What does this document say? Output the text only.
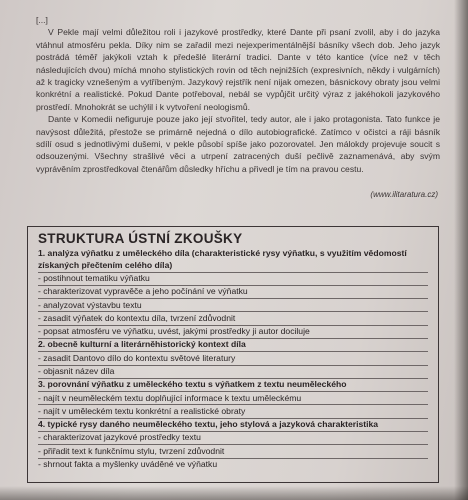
[...]

V Pekle mají velmi důležitou roli i jazykové prostředky, které Dante při psaní zvolil, aby i do jazyka vtáhnul atmosféru pekla. Díky nim se zařadil mezi nejexperimentálnější básníky všech dob. Jeho jazyk postrádá téměř jakýkoli vztah k předešlé literární tradici. Dante v této kantice (více než v těch následujících dvou) míchá mnoho stylistických rovin od těch nejnižších (expresivních, někdy i vulgárních) až k tragicky vznešeným a vytříbeným. Jazykový rejstřík není nijak omezen, básnickovy obraty jsou velmi konkrétní a realistické. Pokud Dante potřeboval, nebál se vypůjčit určitý výraz z jakéhokoli jazykového prostředí. Mnohokrát se uchýlil i k vytvoření neologismů.

Dante v Komedii nefiguruje pouze jako její stvořitel, tedy autor, ale i jako protagonista. Tato funkce je navýsost důležitá, přestože se primárně nejedná o dílo autobiografické. Zatímco v očistci a ráji básník sdílí osud s jednotlivými dušemi, v pekle působí spíše jako pozorovatel. Jen málokdy projevuje soucit s odsouzenými. Všechny strašlivé věci a utrpení zatracených duší pečlivě zaznamenává, aby svým vyprávěním zprostředkoval čtenářům důsledky hříchu a přivedl je tím na pravou cestu.

(www.ilitaratura.cz)
STRUKTURA ÚSTNÍ ZKOUŠKY
1. analýza výňatku z uměleckého díla (charakteristické rysy výňatku, s využitím vědomostí získaných přečtením celého díla)
- postihnout tematiku výňatku
- charakterizovat vypravěče a jeho počínání ve výňatku
- analyzovat výstavbu textu
- zasadit výňatek do kontextu díla, tvrzení zdůvodnit
- popsat atmosféru ve výňatku, uvést, jakými prostředky ji autor dociluje
2. obecně kulturní a literárněhistorický kontext díla
- zasadit Dantovo dílo do kontextu světové literatury
- objasnit název díla
3. porovnání výňatku z uměleckého textu s výňatkem z textu neuměleckého
- najít v neuměleckém textu doplňující informace k textu uměleckému
- najít v uměleckém textu konkrétní a realistické obraty
4. typické rysy daného neuměleckého textu, jeho stylová a jazyková charakteristika
- charakterizovat jazykové prostředky textu
- přiřadit text k funkčnímu stylu, tvrzení zdůvodnit
- shrnout fakta a myšlenky uváděné ve výňatku
